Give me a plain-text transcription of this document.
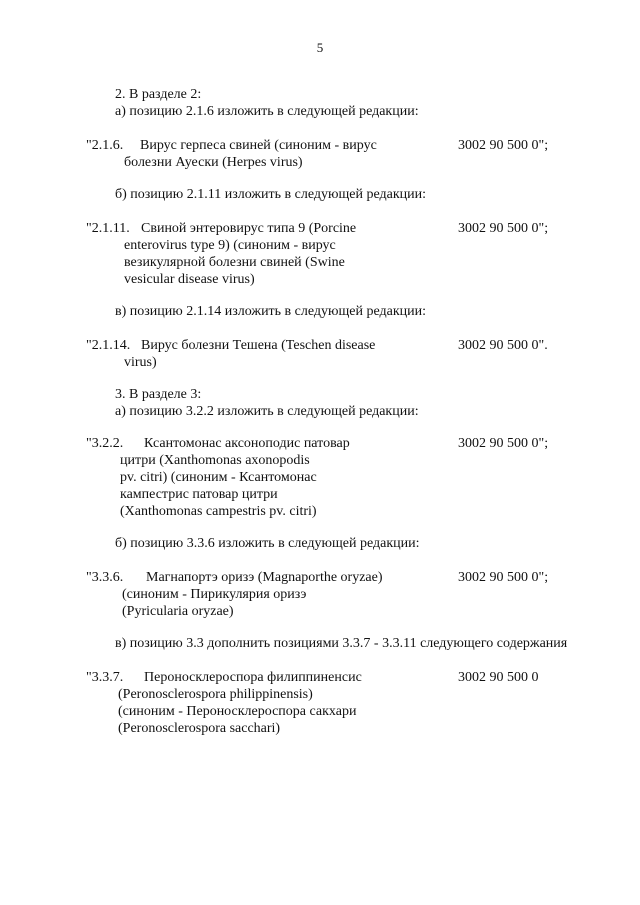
5
2. В разделе 2:
а) позицию 2.1.6 изложить в следующей редакции:
"2.1.6. Вирус герпеса свиней (синоним - вирус
болезни Ауески (Herpes virus)
3002 90 500 0";
б) позицию 2.1.11 изложить в следующей редакции:
"2.1.11. Свиной энтеровирус типа 9 (Porcine
enterovirus type 9) (синоним - вирус
везикулярной болезни свиней (Swine
vesicular disease virus)
3002 90 500 0";
в) позицию 2.1.14 изложить в следующей редакции:
"2.1.14. Вирус болезни Тешена (Teschen disease
virus)
3002 90 500 0".
3. В разделе 3:
а) позицию 3.2.2 изложить в следующей редакции:
"3.2.2. Ксантомонас аксоноподис патовар
цитри (Xanthomonas axonopodis
pv. citri) (синоним - Ксантомонас
кампестрис патовар цитри
(Xanthomonas campestris pv. citri)
3002 90 500 0";
б) позицию 3.3.6 изложить в следующей редакции:
"3.3.6. Магнапортэ оризэ (Magnaporthe oryzae)
(синоним - Пирикулярия оризэ
(Pyricularia oryzae)
3002 90 500 0";
в) позицию 3.3 дополнить позициями 3.3.7 - 3.3.11 следующего содержания
"3.3.7. Пероносклероспора филиппиненсис
(Peronosclerospora philippinensis)
(синоним - Пероносклероспора сакхари
(Peronosclerospora sacchari)
3002 90 500 0
